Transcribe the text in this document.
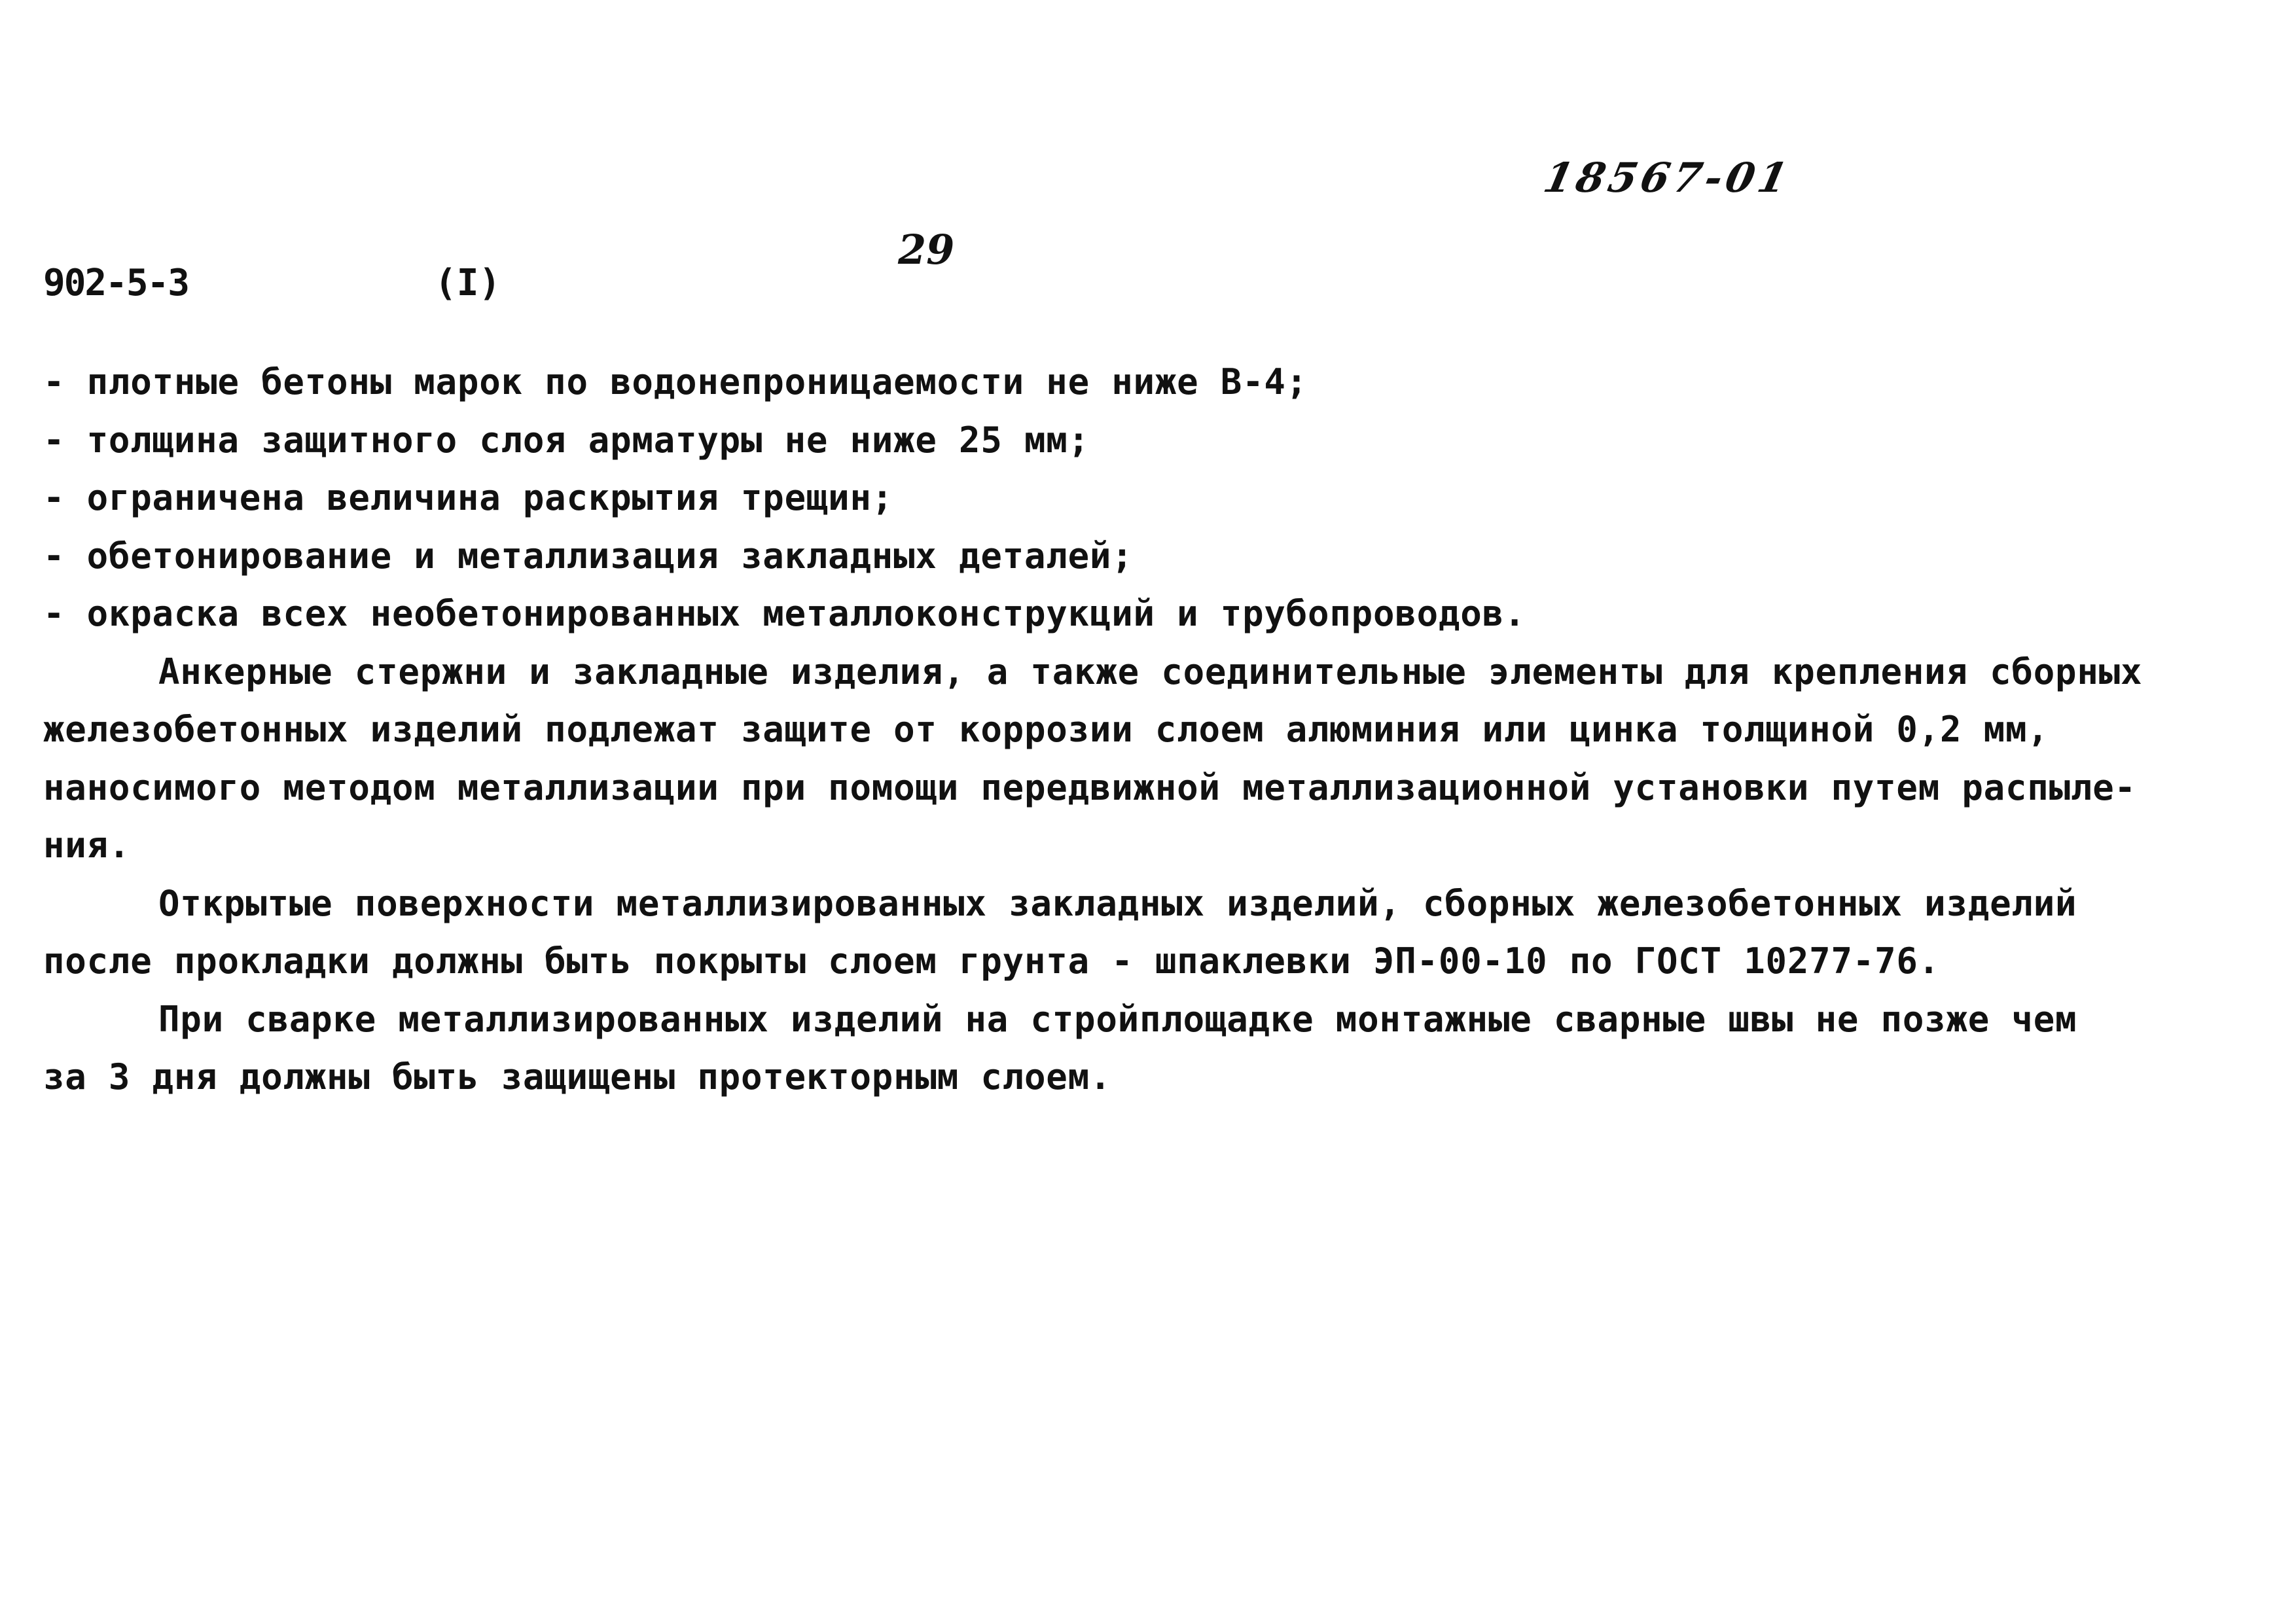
18567-01
29
902-5-3	(I)
- плотные бетоны марок по водонепроницаемости не ниже В-4;
- толщина защитного слоя арматуры не ниже 25 мм;
- ограничена величина раскрытия трещин;
- обетонирование и металлизация закладных деталей;
- окраска всех необетонированных металлоконструкций и трубопроводов.
Анкерные стержни и закладные изделия, а также соединительные элементы для крепления сборных
железобетонных изделий подлежат защите от коррозии слоем алюминия или цинка толщиной 0,2 мм,
наносимого методом металлизации при помощи передвижной металлизационной установки путем распыле-
ния.
Открытые поверхности металлизированных закладных изделий, сборных железобетонных изделий
после прокладки должны быть покрыты слоем грунта - шпаклевки ЭП-00-10 по ГОСТ 10277-76.
При сварке металлизированных изделий на стройплощадке монтажные сварные швы не позже чем
за 3 дня должны быть защищены протекторным слоем.
